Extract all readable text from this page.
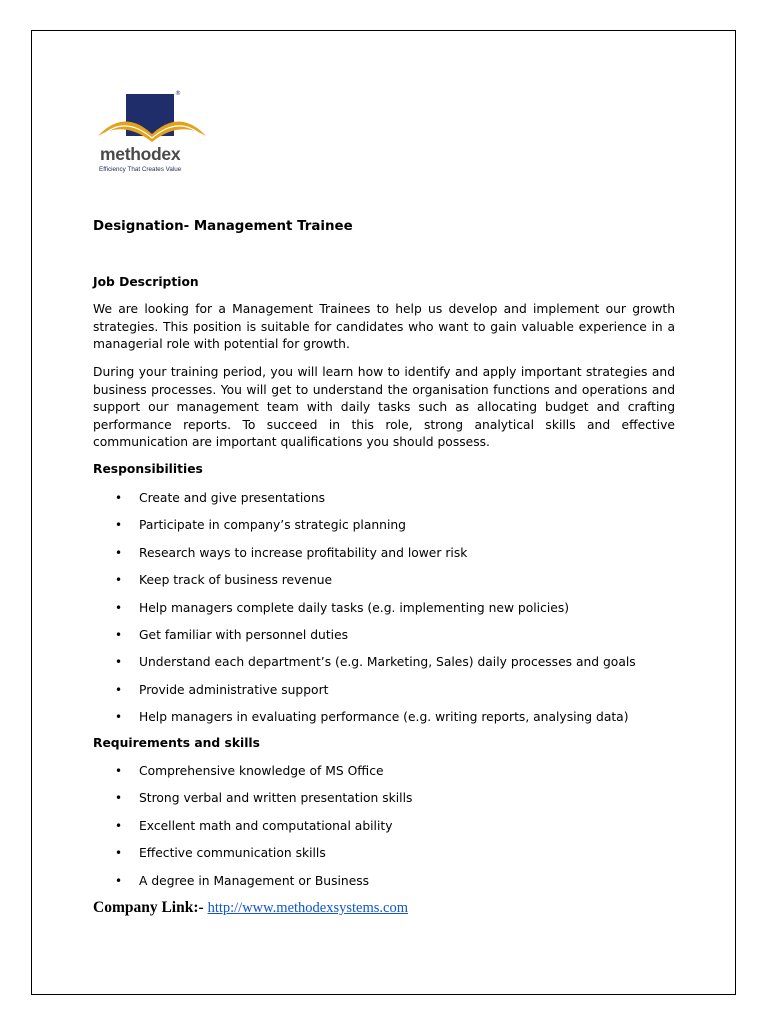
®
methodex
Efficiency That Creates Value
Designation- Management Trainee
Job Description

We are looking for a Management Trainees to help us develop and implement our growth strategies. This position is suitable for candidates who want to gain valuable experience in a managerial role with potential for growth.

During your training period, you will learn how to identify and apply important strategies and business processes. You will get to understand the organisation functions and operations and support our management team with daily tasks such as allocating budget and crafting performance reports. To succeed in this role, strong analytical skills and effective communication are important qualifications you should possess.

Responsibilities
• Create and give presentations
• Participate in company’s strategic planning
• Research ways to increase profitability and lower risk
• Keep track of business revenue
• Help managers complete daily tasks (e.g. implementing new policies)
• Get familiar with personnel duties
• Understand each department’s (e.g. Marketing, Sales) daily processes and goals
• Provide administrative support
• Help managers in evaluating performance (e.g. writing reports, analysing data)
Requirements and skills
• Comprehensive knowledge of MS Office
• Strong verbal and written presentation skills
• Excellent math and computational ability
• Effective communication skills
• A degree in Management or Business
Company Link:- http://www.methodexsystems.com
